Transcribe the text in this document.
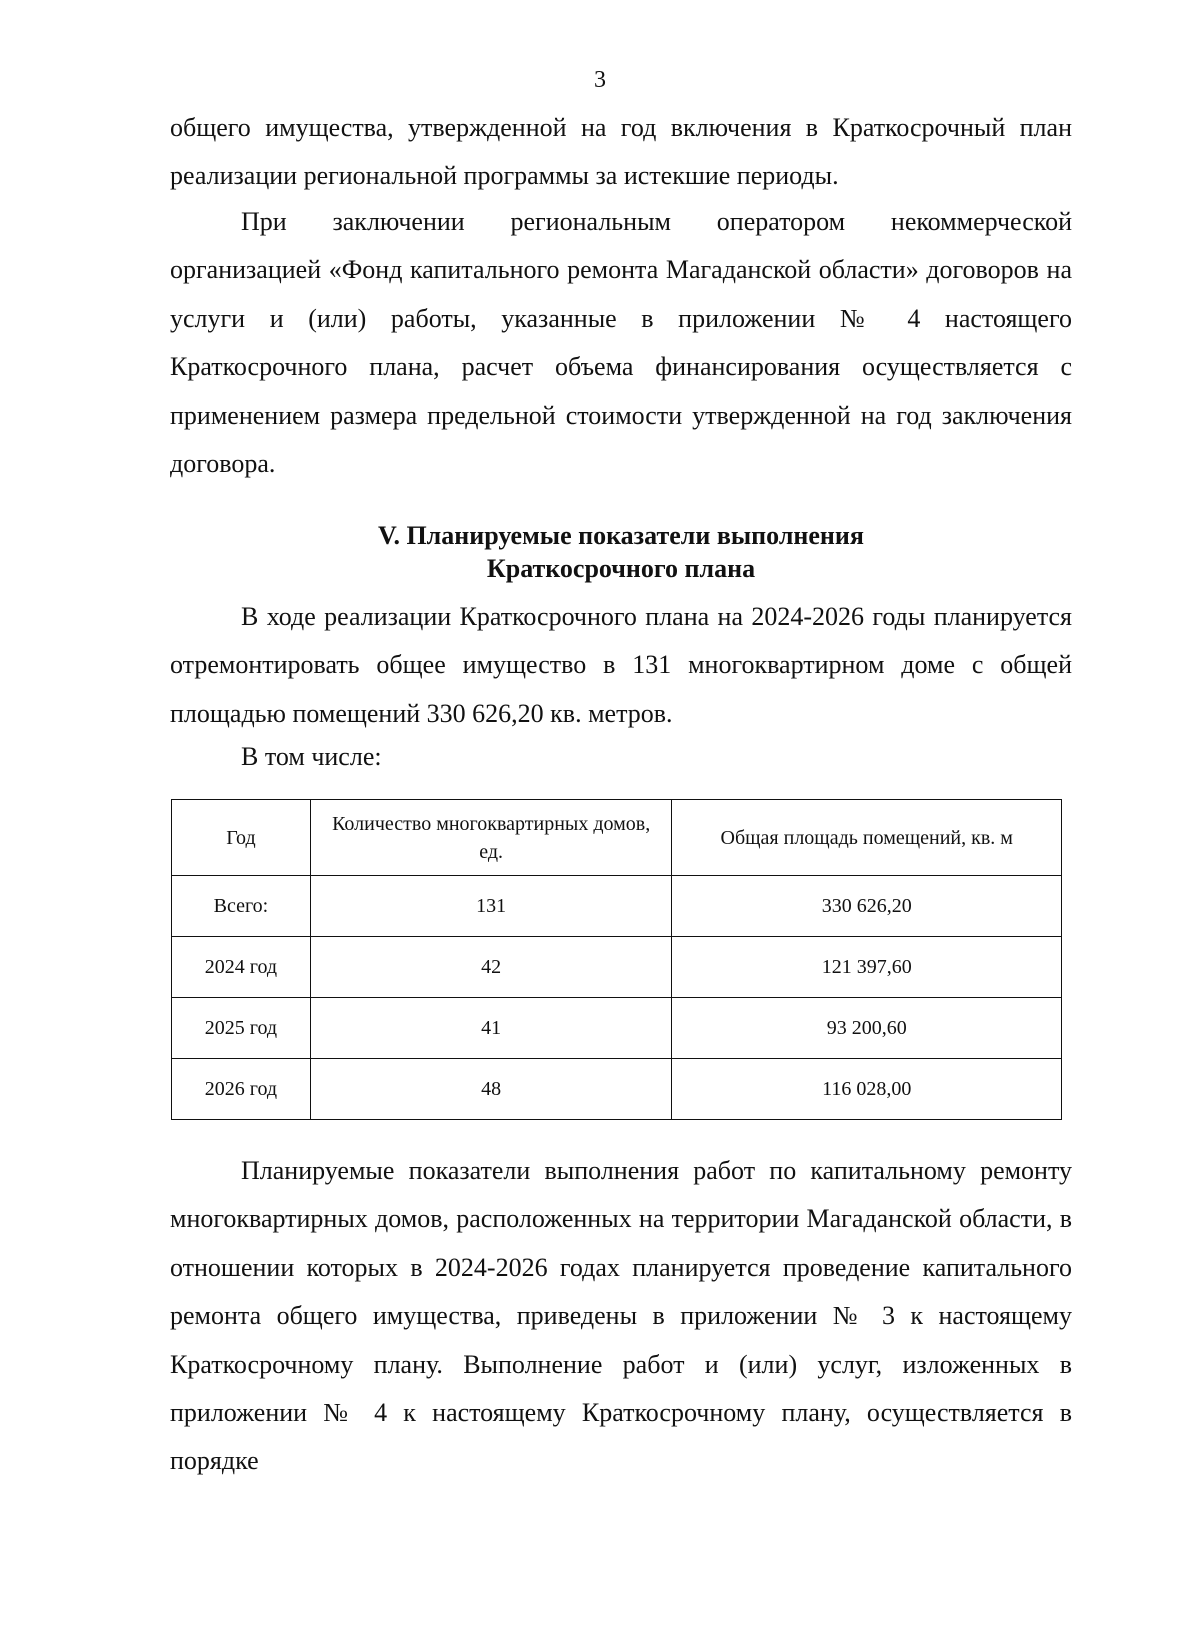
3

общего имущества, утвержденной на год включения в Краткосрочный план реализации региональной программы за истекшие периоды.

При заключении региональным оператором некоммерческой организацией «Фонд капитального ремонта Магаданской области» договоров на услуги и (или) работы, указанные в приложении № 4 настоящего Краткосрочного плана, расчет объема финансирования осуществляется с применением размера предельной стоимости утвержденной на год заключения договора.

V. Планируемые показатели выполнения
Краткосрочного плана

В ходе реализации Краткосрочного плана на 2024-2026 годы планируется отремонтировать общее имущество в 131 многоквартирном доме с общей площадью помещений 330 626,20 кв. метров.

В том числе:

Год	Количество многоквартирных домов, ед.	Общая площадь помещений, кв. м
Всего:	131	330 626,20
2024 год	42	121 397,60
2025 год	41	93 200,60
2026 год	48	116 028,00

Планируемые показатели выполнения работ по капитальному ремонту многоквартирных домов, расположенных на территории Магаданской области, в отношении которых в 2024-2026 годах планируется проведение капитального ремонта общего имущества, приведены в приложении № 3 к настоящему Краткосрочному плану. Выполнение работ и (или) услуг, изложенных в приложении № 4 к настоящему Краткосрочному плану, осуществляется в порядке
